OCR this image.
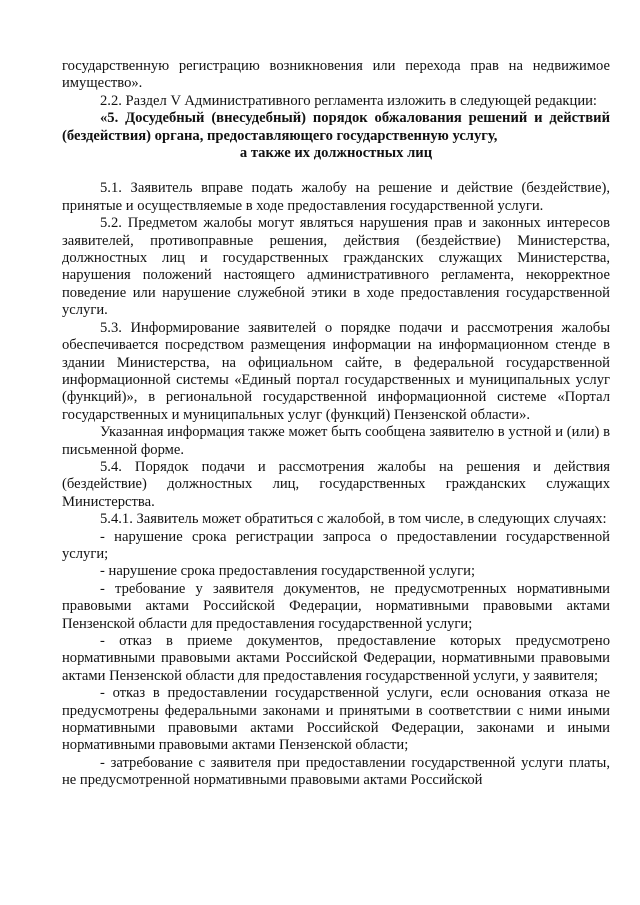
государственную регистрацию возникновения или перехода прав на недвижимое имущество».

2.2. Раздел V Административного регламента изложить в следующей редакции:

«5. Досудебный (внесудебный) порядок обжалования решений и действий (бездействия) органа, предоставляющего государственную услугу,

а также их должностных лиц

5.1. Заявитель вправе подать жалобу на решение и действие (бездействие), принятые и осуществляемые в ходе предоставления государственной услуги.

5.2. Предметом жалобы могут являться нарушения прав и законных интересов заявителей, противоправные решения, действия (бездействие) Министерства, должностных лиц и государственных гражданских служащих Министерства, нарушения положений настоящего административного регламента, некорректное поведение или нарушение служебной этики в ходе предоставления государственной услуги.

5.3. Информирование заявителей о порядке подачи и рассмотрения жалобы обеспечивается посредством размещения информации на информационном стенде в здании Министерства, на официальном сайте, в федеральной государственной информационной системы «Единый портал государственных и муниципальных услуг (функций)», в региональной государственной информационной системе «Портал государственных и муниципальных услуг (функций) Пензенской области».

Указанная информация также может быть сообщена заявителю в устной и (или) в письменной форме.

5.4. Порядок подачи и рассмотрения жалобы на решения и действия (бездействие) должностных лиц, государственных гражданских служащих Министерства.

5.4.1. Заявитель может обратиться с жалобой, в том числе, в следующих случаях:

- нарушение срока регистрации запроса о предоставлении государственной услуги;

- нарушение срока предоставления государственной услуги;

- требование у заявителя документов, не предусмотренных нормативными правовыми актами Российской Федерации, нормативными правовыми актами Пензенской области для предоставления государственной услуги;

- отказ в приеме документов, предоставление которых предусмотрено нормативными правовыми актами Российской Федерации, нормативными правовыми актами Пензенской области для предоставления государственной услуги, у заявителя;

- отказ в предоставлении государственной услуги, если основания отказа не предусмотрены федеральными законами и принятыми в соответствии с ними иными нормативными правовыми актами Российской Федерации, законами и иными нормативными правовыми актами Пензенской области;

- затребование с заявителя при предоставлении государственной услуги платы, не предусмотренной нормативными правовыми актами Российской
